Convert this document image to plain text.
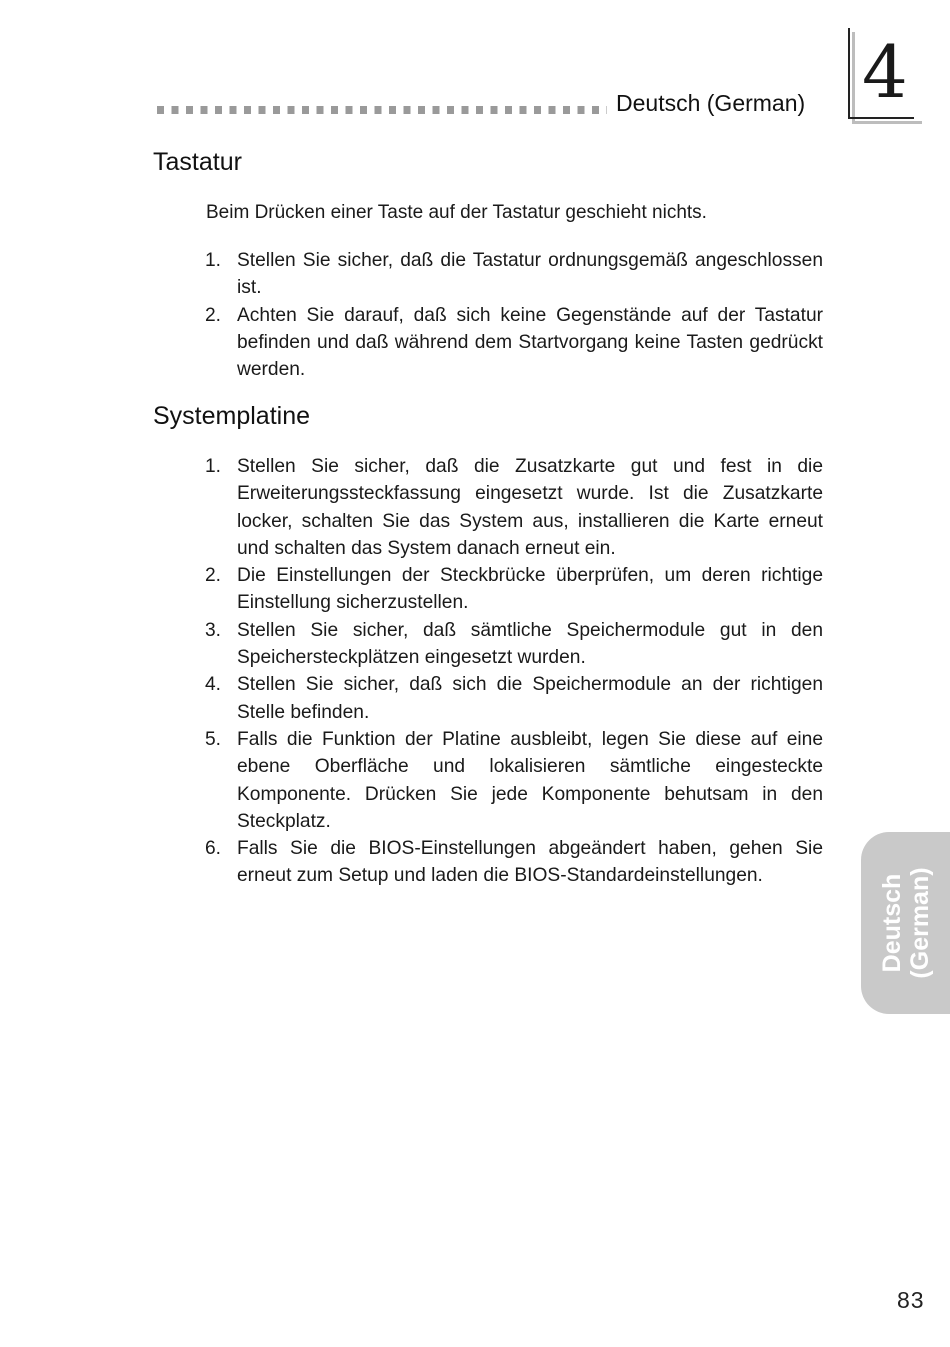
Deutsch (German) 4
Tastatur

Beim Drücken einer Taste auf der Tastatur geschieht nichts.

1. Stellen Sie sicher, daß die Tastatur ordnungsgemäß angeschlossen ist.
2. Achten Sie darauf, daß sich keine Gegenstände auf der Tastatur befinden und daß während dem Startvorgang keine Tasten gedrückt werden.
Systemplatine
1. Stellen Sie sicher, daß die Zusatzkarte gut und fest in die Erweiterungssteckfassung eingesetzt wurde. Ist die Zusatzkarte locker, schalten Sie das System aus, installieren die Karte erneut und schalten das System danach erneut ein.
2. Die Einstellungen der Steckbrücke überprüfen, um deren richtige Einstellung sicherzustellen.
3. Stellen Sie sicher, daß sämtliche Speichermodule gut in den Speichersteckplätzen eingesetzt wurden.
4. Stellen Sie sicher, daß sich die Speichermodule an der richtigen Stelle befinden.
5. Falls die Funktion der Platine ausbleibt, legen Sie diese auf eine ebene Oberfläche und lokalisieren sämtliche eingesteckte Komponente. Drücken Sie jede Komponente behutsam in den Steckplatz.
6. Falls Sie die BIOS-Einstellungen abgeändert haben, gehen Sie erneut zum Setup und laden die BIOS-Standardeinstellungen.	Deutsch (German)
83
